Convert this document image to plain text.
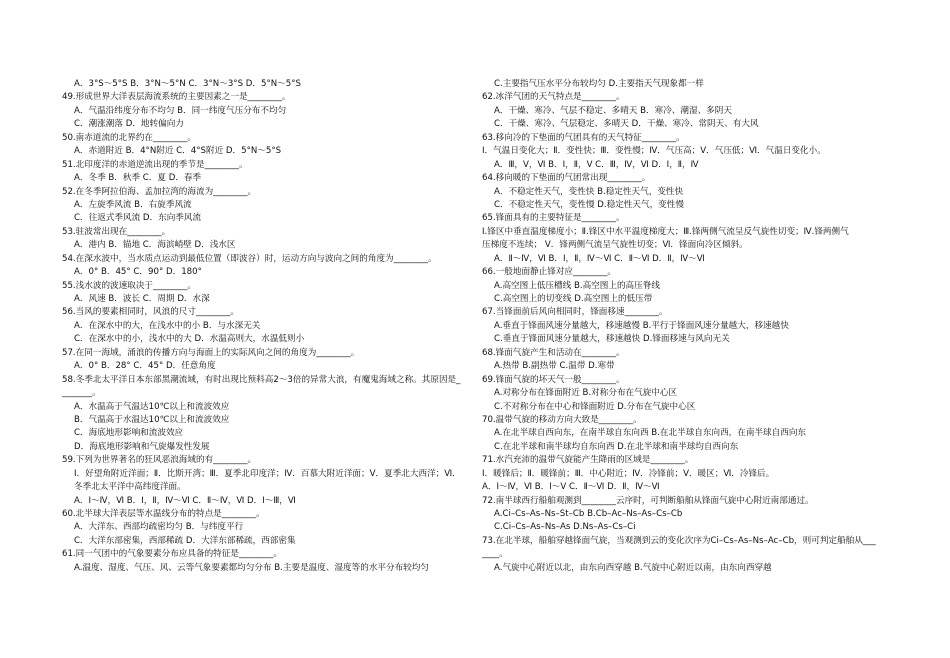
A．3°S～5°S B．3°N～5°N C．3°N～3°S D．5°N～5°S
49.形成世界大洋表层海流系统的主要因素之一是________。
A．气温沿纬度分布不均匀 B．同一纬度气压分布不均匀
C．潮涨潮落 D．地转偏向力
50.南赤道流的北界约在________。
A．赤道附近 B．4°N附近 C．4°S附近 D．5°N～5°S
51.北印度洋的赤道逆流出现的季节是________。
A．冬季 B．秋季 C．夏 D．春季
52.在冬季阿拉伯海、孟加拉湾的海流为________。
A．左旋季风流 B．右旋季风流
C．往返式季风流 D．东向季风流
53.驻波常出现在________。
A．港内 B．锚地 C．海滨峭壁 D．浅水区
54.在深水波中，当水质点运动到最低位置（即波谷）时，运动方向与波向之间的角度为________。
A．0° B．45° C．90° D．180°
55.浅水波的波速取决于________。
A．风速 B．波长 C．周期 D．水深
56.当风的要素相同时，风浪的尺寸________。
A．在深水中的大，在浅水中的小 B．与水深无关
C．在深水中的小，浅水中的大 D．水温高则大，水温低则小
57.在同一海域，涌浪的传播方向与海面上的实际风向之间的角度为________。
A．0° B．28° C．45° D．任意角度
58.冬季北太平洋日本东部黑潮流域，有时出现比预料高2～3倍的异常大浪，有魔鬼海域之称。其原因是_
_______。
A．水温高于气温达10℃以上和流波效应
B．气温高于水温达10℃以上和流波效应
C．海底地形影响和流波效应
D．海底地形影响和气旋爆发性发展
59.下列为世界著名的狂风恶浪海域的有________。
Ⅰ．好望角附近洋面；Ⅱ．比斯开湾；Ⅲ．夏季北印度洋；Ⅳ．百慕大附近洋面；Ⅴ．夏季北大西洋；Ⅵ．
冬季北太平洋中高纬度洋面。
A．Ⅰ～Ⅳ，Ⅵ B．Ⅰ，Ⅱ，Ⅳ～Ⅵ C．Ⅱ～Ⅳ，Ⅵ D．Ⅰ～Ⅲ，Ⅵ
60.北半球大洋表层等水温线分布的特点是________。
A．大洋东、西部均疏密均匀 B．与纬度平行
C．大洋东部密集，西部稀疏 D．大洋东部稀疏，西部密集
61.同一气团中的气象要素分布应具备的特征是________。
A.温度、湿度、气压、风、云等气象要素都均匀分布 B.主要是温度、湿度等的水平分布较均匀
C.主要指气压水平分布较均匀 D.主要指天气现象都一样
62.冰洋气团的天气特点是________。
A．干燥、寒冷、气层不稳定、多晴天 B．寒冷、潮湿、多阴天
C．干燥、寒冷、气层稳定、多晴天 D．干燥、寒冷、常阴天、有大风
63.移向冷的下垫面的气团具有的天气特征________。
Ⅰ．气温日变化大；Ⅱ．变性快；Ⅲ．变性慢；Ⅳ．气压高；Ⅴ．气压低；Ⅵ．气温日变化小。
A．Ⅲ，Ⅴ，Ⅵ B．Ⅰ，Ⅱ，Ⅴ C．Ⅲ，Ⅳ，Ⅵ D．Ⅰ，Ⅱ，Ⅳ
64.移向暖的下垫面的气团常出现________。
A．不稳定性天气，变性快 B.稳定性天气，变性快
C．不稳定性天气，变性慢 D.稳定性天气，变性慢
65.锋面具有的主要特征是________。
Ⅰ.锋区中垂直温度梯度小；Ⅱ.锋区中水平温度梯度大；Ⅲ.锋两侧气流呈反气旋性切变；Ⅳ.锋两侧气
压梯度不连续； Ⅴ．锋两侧气流呈气旋性切变；Ⅵ．锋面向冷区倾斜。
A．Ⅱ～Ⅳ，Ⅵ B．Ⅰ，Ⅱ，Ⅳ～Ⅵ C．Ⅱ～Ⅵ D．Ⅱ，Ⅳ～Ⅵ
66.一般地面静止锋对应________。
A.高空图上低压槽线 B.高空图上的高压脊线
C.高空图上的切变线 D.高空图上的低压带
67.当锋面前后风向相同时，锋面移速________。
A.垂直于锋面风速分量越大，移速越慢 B.平行于锋面风速分量越大，移速越快
C.垂直于锋面风速分量越大，移速越快 D.锋面移速与风向无关
68.锋面气旋产生和活动在________。
A.热带 B.副热带 C.温带 D.寒带
69.锋面气旋的坏天气一般________。
A.对称分布在锋面附近 B.对称分布在气旋中心区
C.不对称分布在中心和锋面附近 D.分布在气旋中心区
70.温带气旋的移动方向大致是________。
A.在北半球自西向东，在南半球自东向西 B.在北半球自东向西，在南半球自西向东
C.在北半球和南半球均自东向西 D.在北半球和南半球均自西向东
71.水汽充沛的温带气旋能产生降雨的区域是________。
Ⅰ．暖锋后；Ⅱ．暖锋前；Ⅲ．中心附近；Ⅳ．冷锋前；Ⅴ．暖区；Ⅵ．冷锋后。
A．Ⅰ～Ⅳ，Ⅵ B．Ⅰ～Ⅴ C．Ⅱ～Ⅵ D．Ⅱ，Ⅳ～Ⅵ
72.南半球西行船舶观测到________云序时，可判断船舶从锋面气旋中心附近南部通过。
A.Ci–Cs–As–Ns–St–Cb B.Cb–Ac–Ns–As–Cs–Cb
C.Ci–Cs–As–Ns–As D.Ns–As–Cs–Ci
73.在北半球，船舶穿越锋面气旋，当观测到云的变化次序为Ci–Cs–As–Ns–Ac–Cb，则可判定船舶从___
____。
A.气旋中心附近以北，由东向西穿越 B.气旋中心附近以南，由东向西穿越
